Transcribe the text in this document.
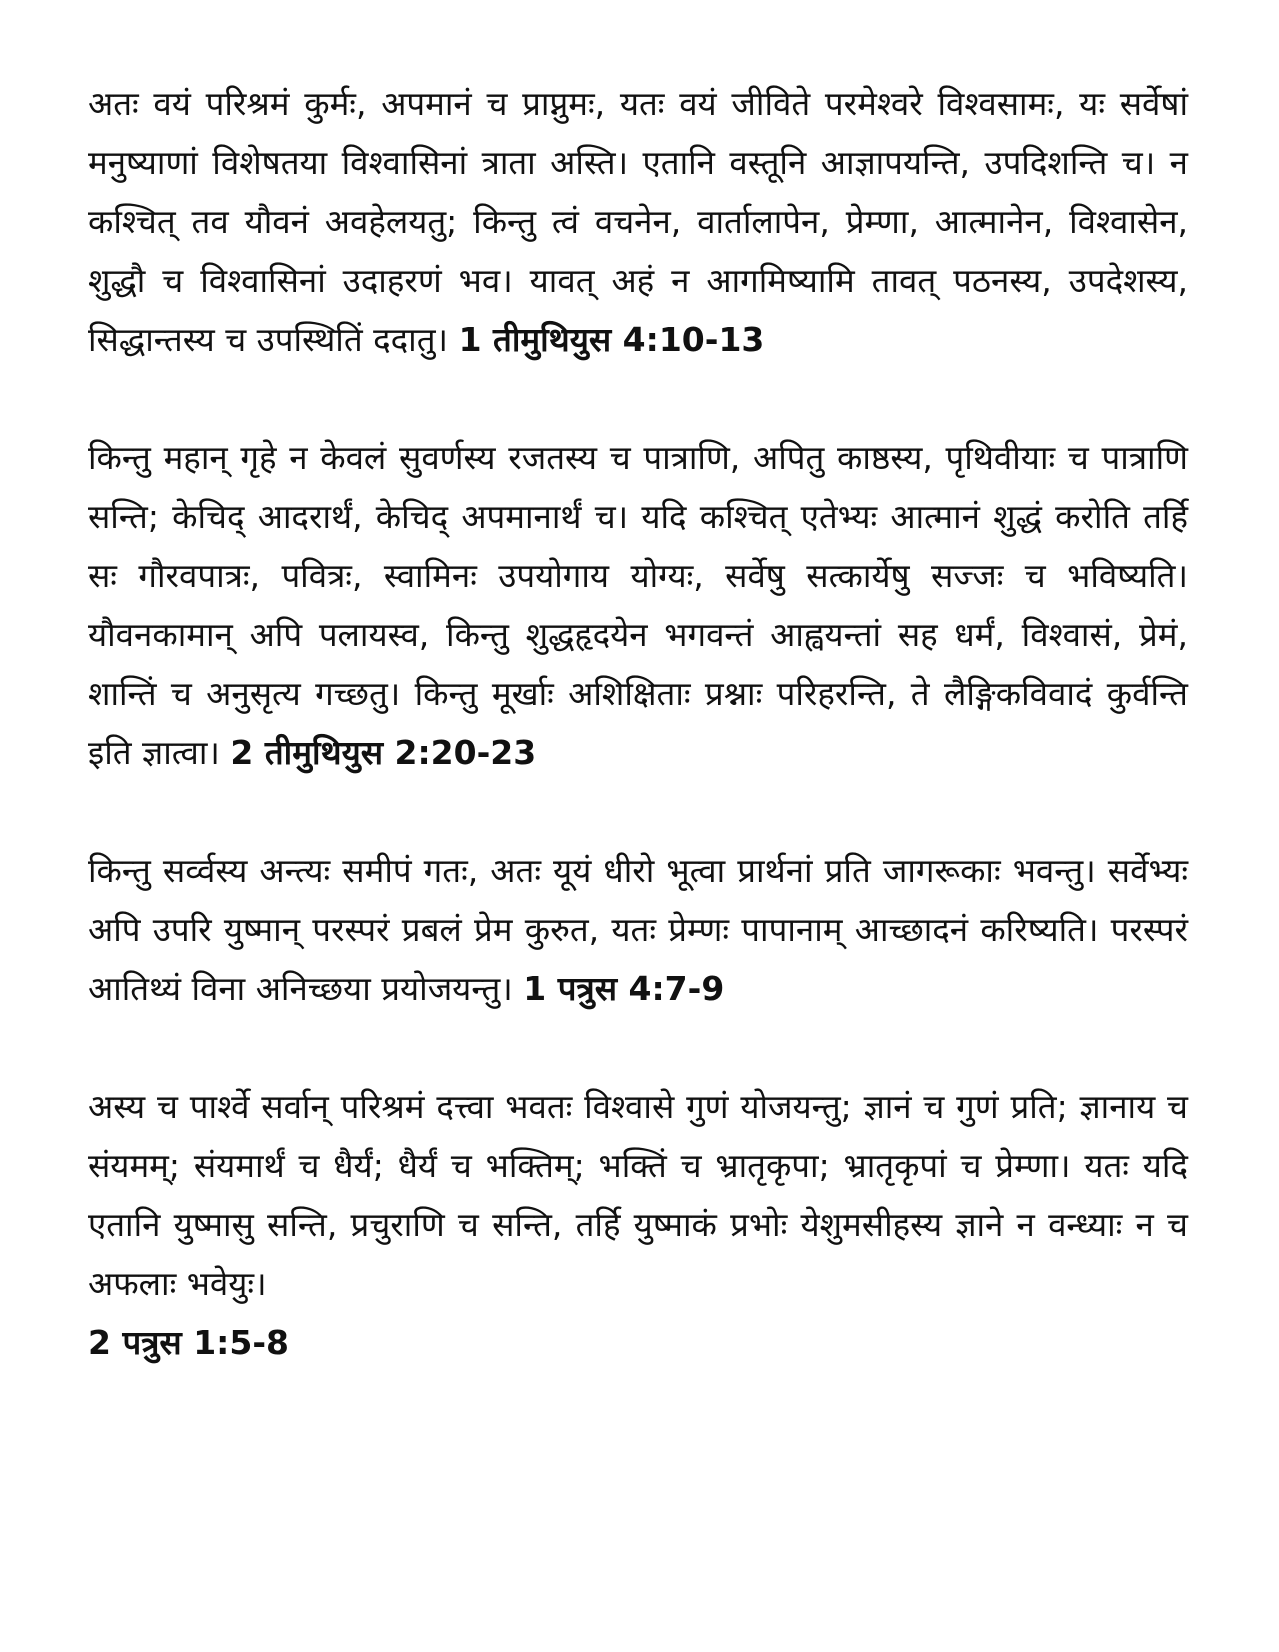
अतः वयं परिश्रमं कुर्मः, अपमानं च प्राप्नुमः, यतः वयं जीविते परमेश्वरे विश्वसामः, यः सर्वेषां मनुष्याणां विशेषतया विश्वासिनां त्राता अस्ति। एतानि वस्तूनि आज्ञापयन्ति, उपदिशन्ति च। न कश्चित् तव यौवनं अवहेलयतु; किन्तु त्वं वचनेन, वार्तालापेन, प्रेम्णा, आत्मानेन, विश्वासेन, शुद्धौ च विश्वासिनां उदाहरणं भव। यावत् अहं न आगमिष्यामि तावत् पठनस्य, उपदेशस्य, सिद्धान्तस्य च उपस्थितिं ददातु। 1 तीमुथियुस 4:10-13

किन्तु महान् गृहे न केवलं सुवर्णस्य रजतस्य च पात्राणि, अपितु काष्ठस्य, पृथिवीयाः च पात्राणि सन्ति; केचिद् आदरार्थं, केचिद् अपमानार्थं च। यदि कश्चित् एतेभ्यः आत्मानं शुद्धं करोति तर्हि सः गौरवपात्रः, पवित्रः, स्वामिनः उपयोगाय योग्यः, सर्वेषु सत्कार्येषु सज्जः च भविष्यति। यौवनकामान् अपि पलायस्व, किन्तु शुद्धहृदयेन भगवन्तं आह्वयन्तां सह धर्मं, विश्वासं, प्रेमं, शान्तिं च अनुसृत्य गच्छतु। किन्तु मूर्खाः अशिक्षिताः प्रश्नाः परिहरन्ति, ते लैङ्गिकविवादं कुर्वन्ति इति ज्ञात्वा। 2 तीमुथियुस 2:20-23

किन्तु सर्व्वस्य अन्त्यः समीपं गतः, अतः यूयं धीरो भूत्वा प्रार्थनां प्रति जागरूकाः भवन्तु। सर्वेभ्यः अपि उपरि युष्मान् परस्परं प्रबलं प्रेम कुरुत, यतः प्रेम्णः पापानाम् आच्छादनं करिष्यति। परस्परं आतिथ्यं विना अनिच्छया प्रयोजयन्तु। 1 पत्रुस 4:7-9

अस्य च पार्श्वे सर्वान् परिश्रमं दत्त्वा भवतः विश्वासे गुणं योजयन्तु; ज्ञानं च गुणं प्रति; ज्ञानाय च संयमम्; संयमार्थं च धैर्यं; धैर्यं च भक्तिम्; भक्तिं च भ्रातृकृपा; भ्रातृकृपां च प्रेम्णा। यतः यदि एतानि युष्मासु सन्ति, प्रचुराणि च सन्ति, तर्हि युष्माकं प्रभोः येशुमसीहस्य ज्ञाने न वन्ध्याः न च अफलाः भवेयुः।
2 पत्रुस 1:5-8
